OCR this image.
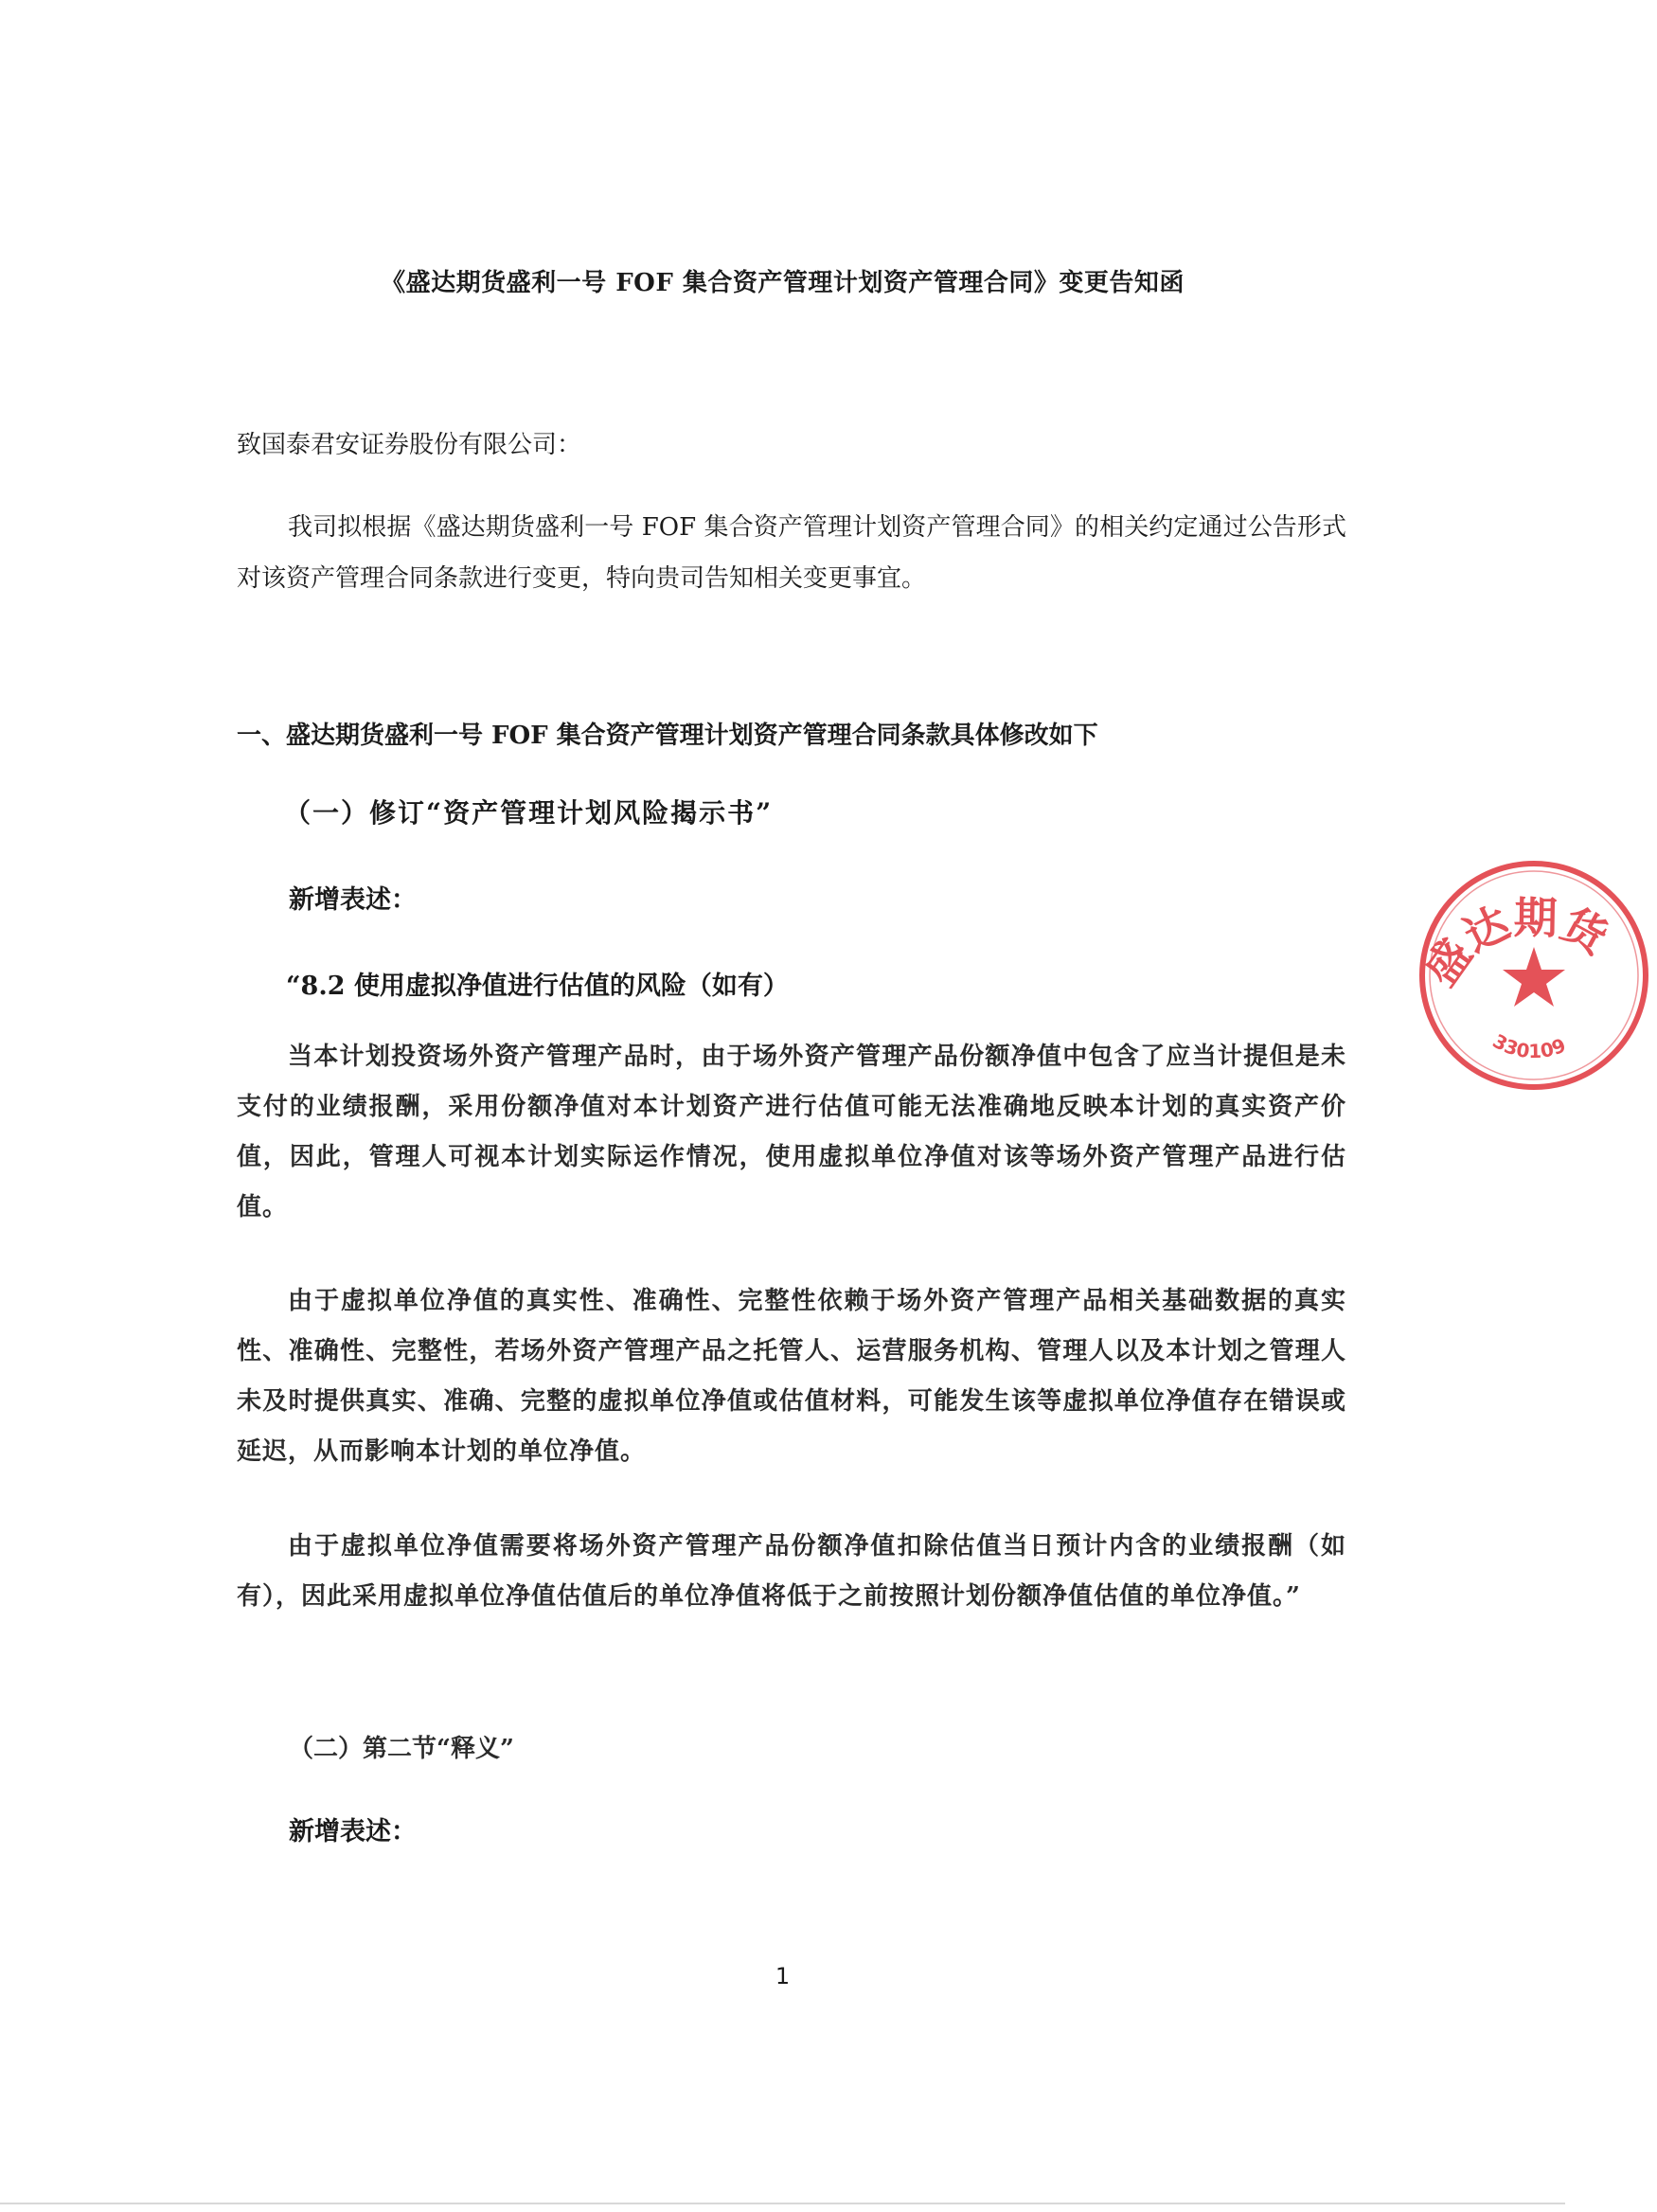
《盛达期货盛利一号 FOF 集合资产管理计划资产管理合同》变更告知函
致国泰君安证券股份有限公司：

我司拟根据《盛达期货盛利一号 FOF 集合资产管理计划资产管理合同》的相关约定通过公告形式对该资产管理合同条款进行变更，特向贵司告知相关变更事宜。

一、盛达期货盛利一号 FOF 集合资产管理计划资产管理合同条款具体修改如下
（一）修订“资产管理计划风险揭示书”
新增表述：
“8.2 使用虚拟净值进行估值的风险（如有）

当本计划投资场外资产管理产品时，由于场外资产管理产品份额净值中包含了应当计提但是未支付的业绩报酬，采用份额净值对本计划资产进行估值可能无法准确地反映本计划的真实资产价值，因此，管理人可视本计划实际运作情况，使用虚拟单位净值对该等场外资产管理产品进行估值。

由于虚拟单位净值的真实性、准确性、完整性依赖于场外资产管理产品相关基础数据的真实性、准确性、完整性，若场外资产管理产品之托管人、运营服务机构、管理人以及本计划之管理人未及时提供真实、准确、完整的虚拟单位净值或估值材料，可能发生该等虚拟单位净值存在错误或延迟，从而影响本计划的单位净值。

由于虚拟单位净值需要将场外资产管理产品份额净值扣除估值当日预计内含的业绩报酬（如有），因此采用虚拟单位净值估值后的单位净值将低于之前按照计划份额净值估值的单位净值。”

（二）第二节“释义”
新增表述：
1
盛达期货
330109
